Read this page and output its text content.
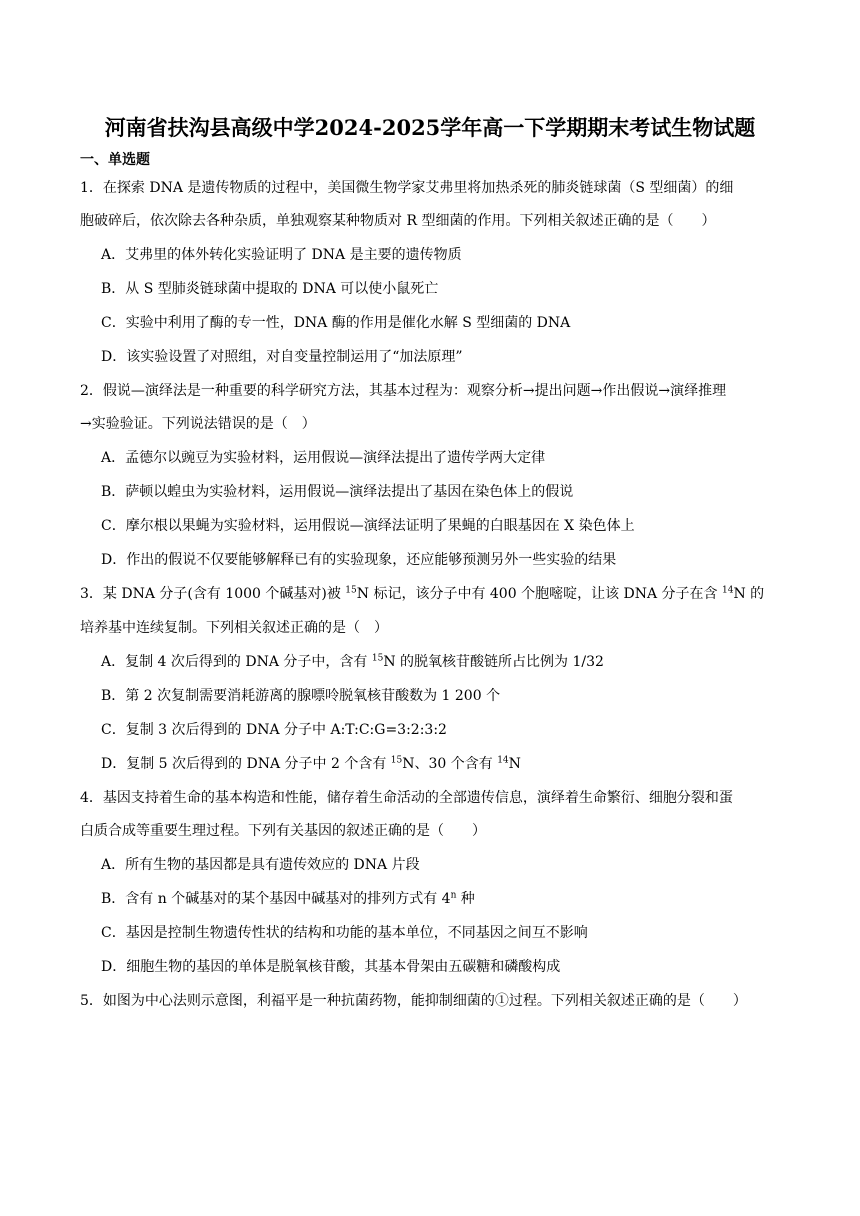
河南省扶沟县高级中学2024-2025学年高一下学期期末考试生物试题
一、单选题
1．在探索 DNA 是遗传物质的过程中，美国微生物学家艾弗里将加热杀死的肺炎链球菌（S 型细菌）的细
胞破碎后，依次除去各种杂质，单独观察某种物质对 R 型细菌的作用。下列相关叙述正确的是（　　）
A．艾弗里的体外转化实验证明了 DNA 是主要的遗传物质
B．从 S 型肺炎链球菌中提取的 DNA 可以使小鼠死亡
C．实验中利用了酶的专一性，DNA 酶的作用是催化水解 S 型细菌的 DNA
D．该实验设置了对照组，对自变量控制运用了“加法原理”
2．假说—演绎法是一种重要的科学研究方法，其基本过程为：观察分析→提出问题→作出假说→演绎推理
→实验验证。下列说法错误的是（　）
A．孟德尔以豌豆为实验材料，运用假说—演绎法提出了遗传学两大定律
B．萨顿以蝗虫为实验材料，运用假说—演绎法提出了基因在染色体上的假说
C．摩尔根以果蝇为实验材料，运用假说—演绎法证明了果蝇的白眼基因在 X 染色体上
D．作出的假说不仅要能够解释已有的实验现象，还应能够预测另外一些实验的结果
3．某 DNA 分子(含有 1000 个碱基对)被 $^{15}$N 标记，该分子中有 400 个胞嘧啶，让该 DNA 分子在含 $^{14}$N 的
培养基中连续复制。下列相关叙述正确的是（　）
A．复制 4 次后得到的 DNA 分子中，含有 $^{15}$N 的脱氧核苷酸链所占比例为 1/32
B．第 2 次复制需要消耗游离的腺嘌呤脱氧核苷酸数为 1 200 个
C．复制 3 次后得到的 DNA 分子中 A:T:C:G=3:2:3:2
D．复制 5 次后得到的 DNA 分子中 2 个含有 $^{15}$N、30 个含有 $^{14}$N
4．基因支持着生命的基本构造和性能，储存着生命活动的全部遗传信息，演绎着生命繁衍、细胞分裂和蛋
白质合成等重要生理过程。下列有关基因的叙述正确的是（　　）
A．所有生物的基因都是具有遗传效应的 DNA 片段
B．含有 n 个碱基对的某个基因中碱基对的排列方式有 4$^n$ 种
C．基因是控制生物遗传性状的结构和功能的基本单位，不同基因之间互不影响
D．细胞生物的基因的单体是脱氧核苷酸，其基本骨架由五碳糖和磷酸构成
5．如图为中心法则示意图，利福平是一种抗菌药物，能抑制细菌的①过程。下列相关叙述正确的是（　　）
